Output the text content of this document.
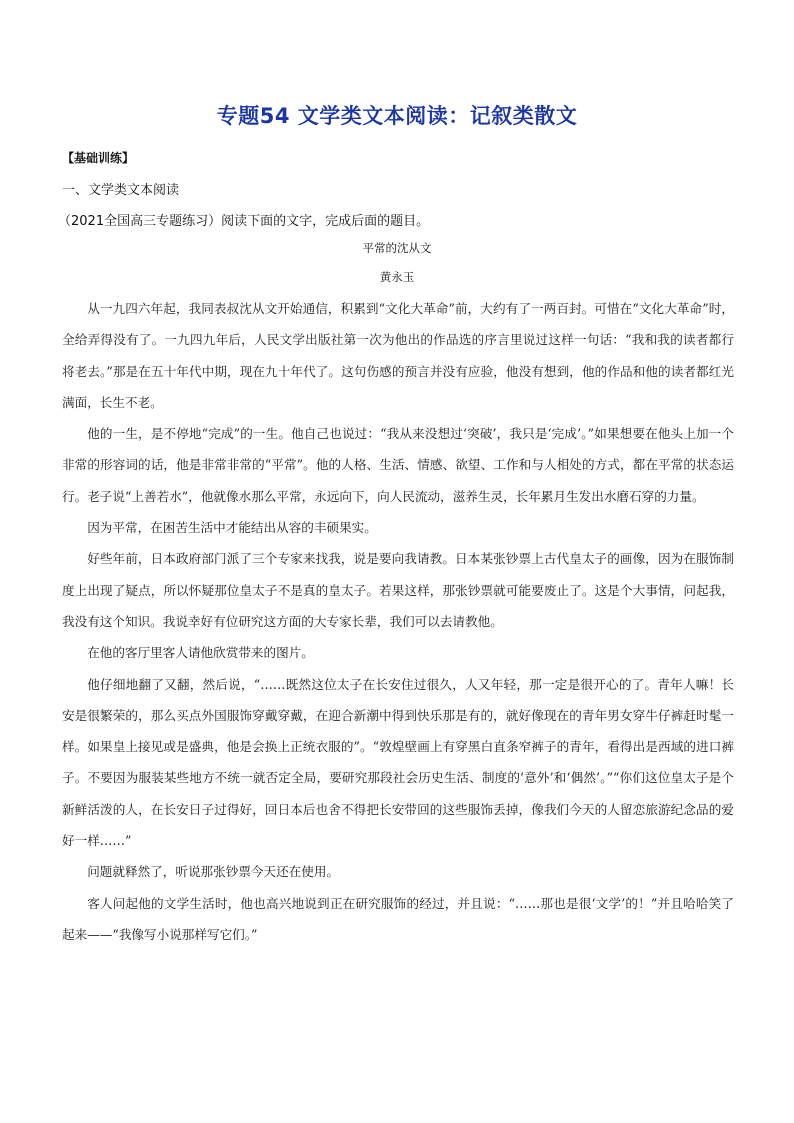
专题54 文学类文本阅读：记叙类散文
【基础训练】
一、文学类文本阅读
（2021全国高三专题练习）阅读下面的文字，完成后面的题目。
平常的沈从文
黄永玉

从一九四六年起，我同表叔沈从文开始通信，积累到“文化大革命”前，大约有了一两百封。可惜在“文化大革命”时，全给弄得没有了。一九四九年后，人民文学出版社第一次为他出的作品选的序言里说过这样一句话：“我和我的读者都行将老去。”那是在五十年代中期，现在九十年代了。这句伤感的预言并没有应验，他没有想到，他的作品和他的读者都红光满面，长生不老。

他的一生，是不停地“完成”的一生。他自己也说过：“我从来没想过‘突破’，我只是‘完成’。”如果想要在他头上加一个非常的形容词的话，他是非常非常的“平常”。他的人格、生活、情感、欲望、工作和与人相处的方式，都在平常的状态运行。老子说“上善若水”，他就像水那么平常，永远向下，向人民流动，滋养生灵，长年累月生发出水磨石穿的力量。

因为平常，在困苦生活中才能结出从容的丰硕果实。

好些年前，日本政府部门派了三个专家来找我，说是要向我请教。日本某张钞票上古代皇太子的画像，因为在服饰制度上出现了疑点，所以怀疑那位皇太子不是真的皇太子。若果这样，那张钞票就可能要废止了。这是个大事情，问起我，我没有这个知识。我说幸好有位研究这方面的大专家长辈，我们可以去请教他。

在他的客厅里客人请他欣赏带来的图片。

他仔细地翻了又翻，然后说，“……既然这位太子在长安住过很久，人又年轻，那一定是很开心的了。青年人嘛！长安是很繁荣的，那么买点外国服饰穿戴穿戴，在迎合新潮中得到快乐那是有的，就好像现在的青年男女穿牛仔裤赶时髦一样。如果皇上接见或是盛典，他是会换上正统衣服的”。“敦煌壁画上有穿黑白直条窄裤子的青年，看得出是西域的进口裤子。不要因为服装某些地方不统一就否定全局，要研究那段社会历史生活、制度的‘意外’和‘偶然’。”“你们这位皇太子是个新鲜活泼的人，在长安日子过得好，回日本后也舍不得把长安带回的这些服饰丢掉，像我们今天的人留恋旅游纪念品的爱好一样……”

问题就释然了，听说那张钞票今天还在使用。

客人问起他的文学生活时，他也高兴地说到正在研究服饰的经过，并且说：“……那也是很‘文学’的！”并且哈哈笑了起来——“我像写小说那样写它们。”
